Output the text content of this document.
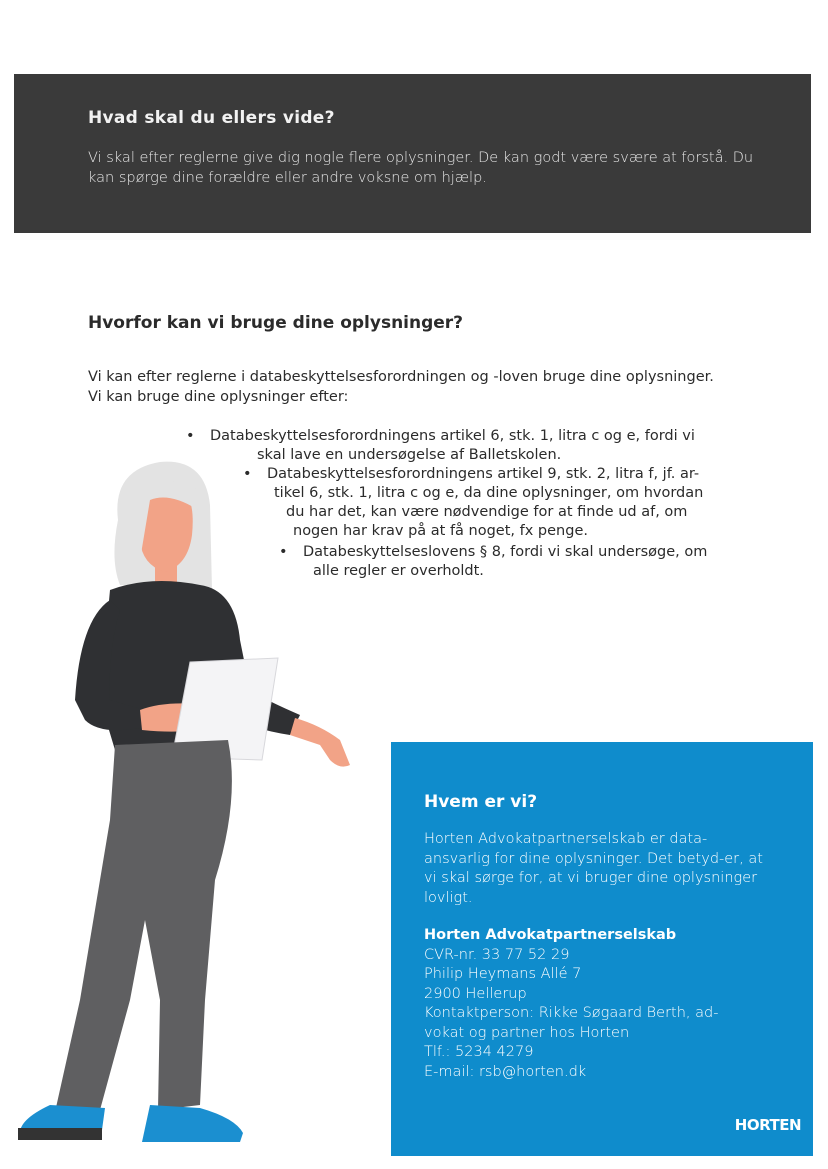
Hvad skal du ellers vide?

Vi skal efter reglerne give dig nogle flere oplysninger. De kan godt være svære at forstå. Du kan spørge dine forældre eller andre voksne om hjælp.

Hvorfor kan vi bruge dine oplysninger?

Vi kan efter reglerne i databeskyttelsesforordningen og -loven bruge dine oplysninger. Vi kan bruge dine oplysninger efter:

• Databeskyttelsesforordningens artikel 6, stk. 1, litra c og e, fordi vi
skal lave en undersøgelse af Balletskolen.

• Databeskyttelsesforordningens artikel 9, stk. 2, litra f, jf. ar-
tikel 6, stk. 1, litra c og e, da dine oplysninger, om hvordan
du har det, kan være nødvendige for at finde ud af, om
nogen har krav på at få noget, fx penge.

• Databeskyttelseslovens § 8, fordi vi skal undersøge, om
alle regler er overholdt.

Hvem er vi?

Horten Advokatpartnerselskab er data-ansvarlig for dine oplysninger. Det betyd-er, at vi skal sørge for, at vi bruger dine oplysninger lovligt.

Horten Advokatpartnerselskab
CVR-nr. 33 77 52 29
Philip Heymans Allé 7
2900 Hellerup
Kontaktperson: Rikke Søgaard Berth, ad-
vokat og partner hos Horten
Tlf.: 5234 4279
E-mail: rsb@horten.dk

HORTEN
